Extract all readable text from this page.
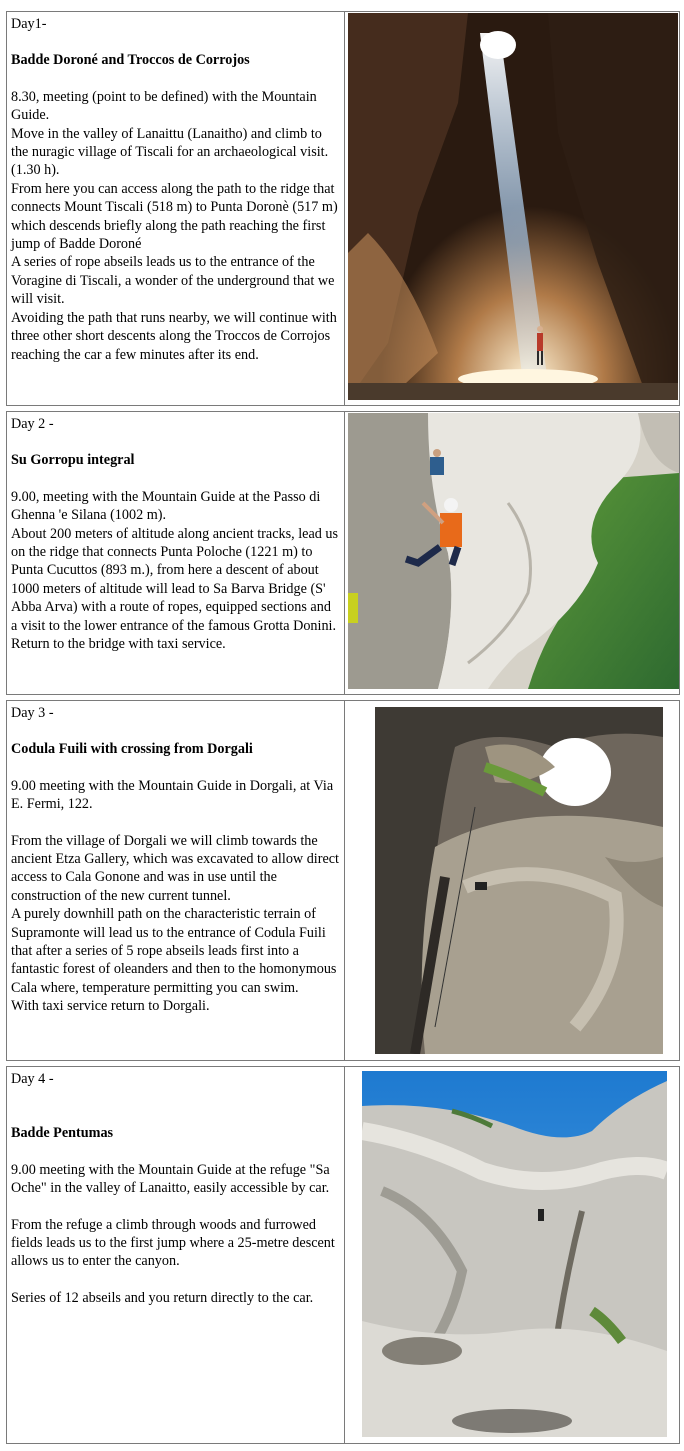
Day1-

Badde Doroné and Troccos de Corrojos

8.30, meeting (point to be defined) with the Mountain Guide.
Move in the valley of Lanaittu (Lanaitho) and climb to the nuragic village of Tiscali for an archaeological visit. (1.30 h).
From here you can access along the path to the ridge that connects Mount Tiscali (518 m) to Punta Doronè (517 m) which descends briefly along the path reaching the first jump of Badde Doroné
A series of rope abseils leads us to the entrance of the Voragine di Tiscali, a wonder of the underground that we will visit.
Avoiding the path that runs nearby, we will continue with three other short descents along the Troccos de Corrojos reaching the car a few minutes after its end.

Day 2 -

Su Gorropu integral

9.00, meeting with the Mountain Guide at the Passo di Ghenna 'e Silana (1002 m).
About 200 meters of altitude along ancient tracks, lead us on the ridge that connects Punta Poloche (1221 m) to Punta Cucuttos (893 m.), from here a descent of about 1000 meters of altitude will lead to Sa Barva Bridge (S' Abba Arva) with a route of ropes, equipped sections and a visit to the lower entrance of the famous Grotta Donini.
Return to the bridge with taxi service.

Day 3 -

Codula Fuili with crossing from Dorgali

9.00 meeting with the Mountain Guide in Dorgali, at Via E. Fermi, 122.

From the village of Dorgali we will climb towards the ancient Etza Gallery, which was excavated to allow direct access to Cala Gonone and was in use until the construction of the new current tunnel.
A purely downhill path on the characteristic terrain of Supramonte will lead us to the entrance of Codula Fuili that after a series of 5 rope abseils leads first into a fantastic forest of oleanders and then to the homonymous Cala where, temperature permitting you can swim.
With taxi service return to Dorgali.

Day 4 -

Badde Pentumas

9.00 meeting with the Mountain Guide at the refuge "Sa Oche" in the valley of Lanaitto, easily accessible by car.

From the refuge a climb through woods and furrowed fields leads us to the first jump where a 25-metre descent allows us to enter the canyon.

Series of 12 abseils and you return directly to the car.
